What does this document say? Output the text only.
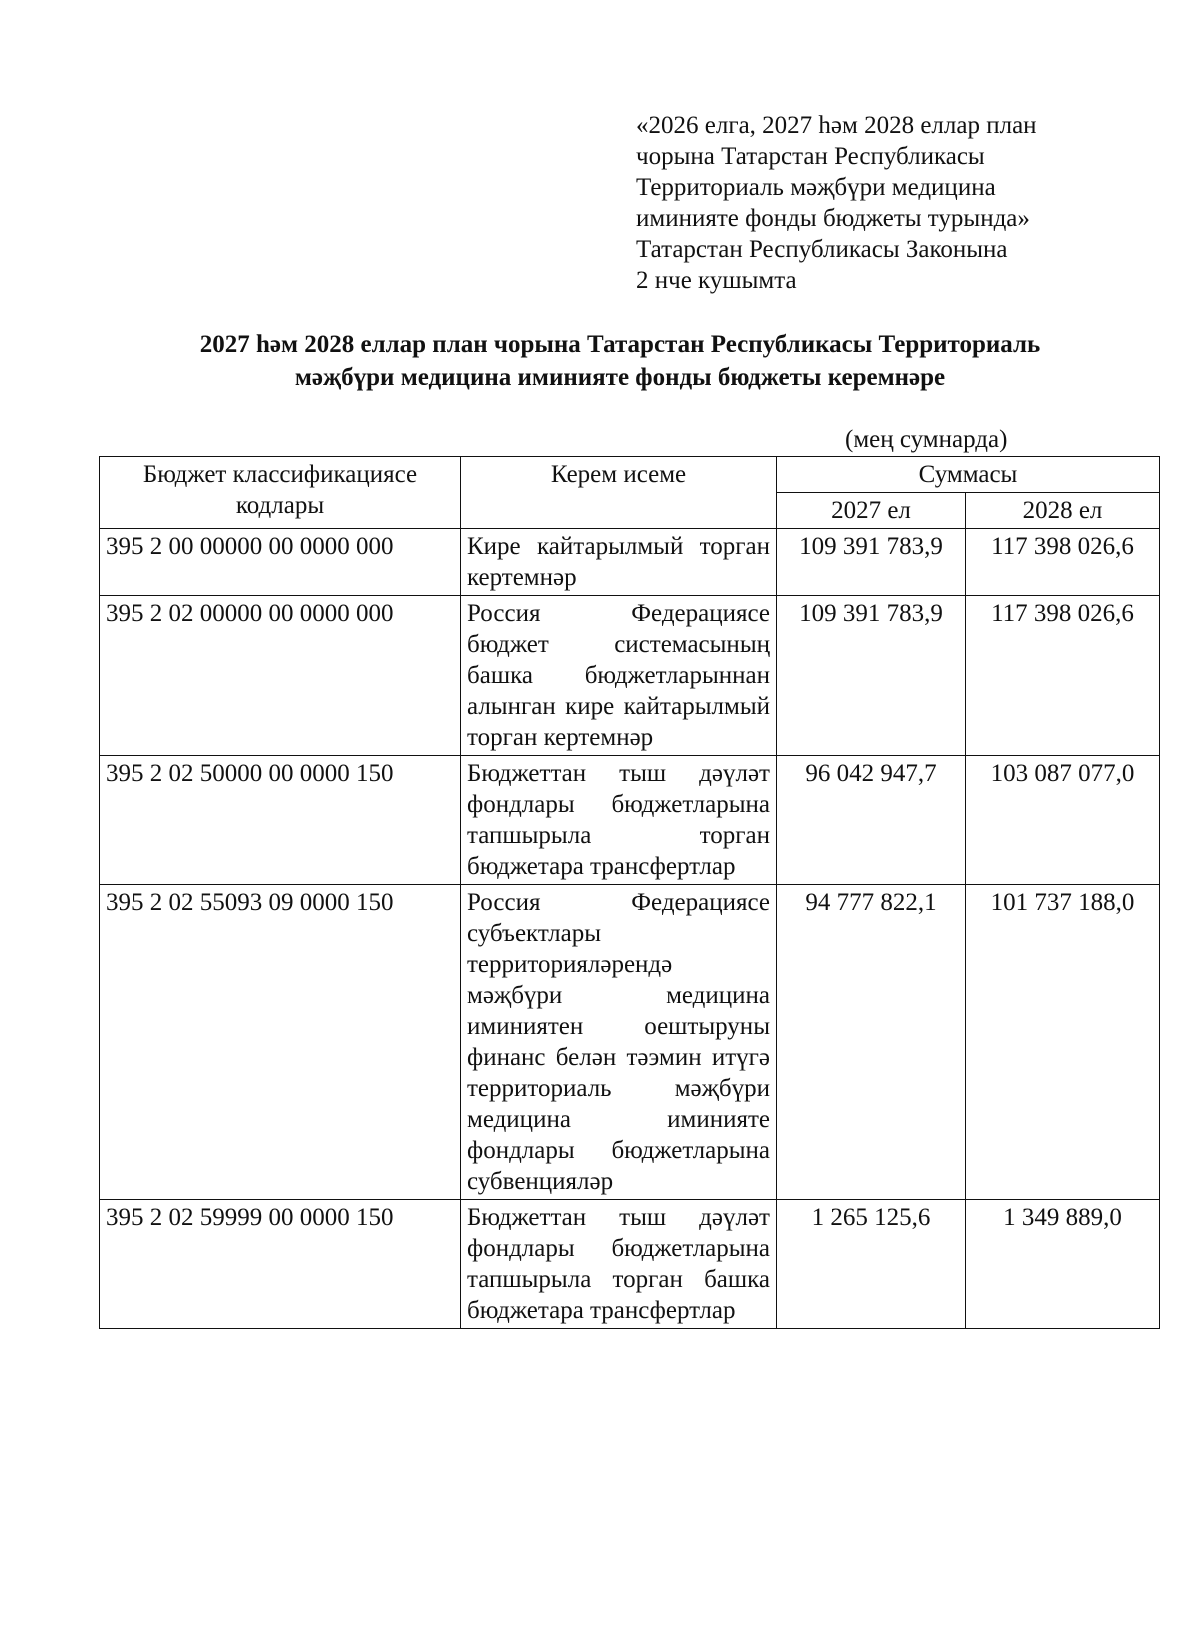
«2026 елга, 2027 һәм 2028 еллар план
чорына Татарстан Республикасы
Территориаль мәҗбүри медицина
иминияте фонды бюджеты турында»
Татарстан Республикасы Законына
2 нче кушымта
2027 һәм 2028 еллар план чорына Татарстан Республикасы Территориаль
мәҗбүри медицина иминияте фонды бюджеты керемнәре
(мең сумнарда)
Бюджет классификациясе кодлары	Керем исеме	Суммасы	
		2027 ел	2028 ел
395 2 00 00000 00 0000 000	Кире кайтарылмый торган кертемнәр	109 391 783,9	117 398 026,6
395 2 02 00000 00 0000 000	Россия Федерациясе бюджет системасының башка бюджетларыннан алынган кире кайтарылмый торган кертемнәр	109 391 783,9	117 398 026,6
395 2 02 50000 00 0000 150	Бюджеттан тыш дәүләт фондлары бюджетларына тапшырыла торган бюджетара трансфертлар	96 042 947,7	103 087 077,0
395 2 02 55093 09 0000 150	Россия Федерациясе субъектлары территорияләрендә мәҗбүри медицина иминиятен оештыруны финанс белән тәэмин итүгә территориаль мәҗбүри медицина иминияте фондлары бюджетларына субвенцияләр	94 777 822,1	101 737 188,0
395 2 02 59999 00 0000 150	Бюджеттан тыш дәүләт фондлары бюджетларына тапшырыла торган башка бюджетара трансфертлар	1 265 125,6	1 349 889,0
